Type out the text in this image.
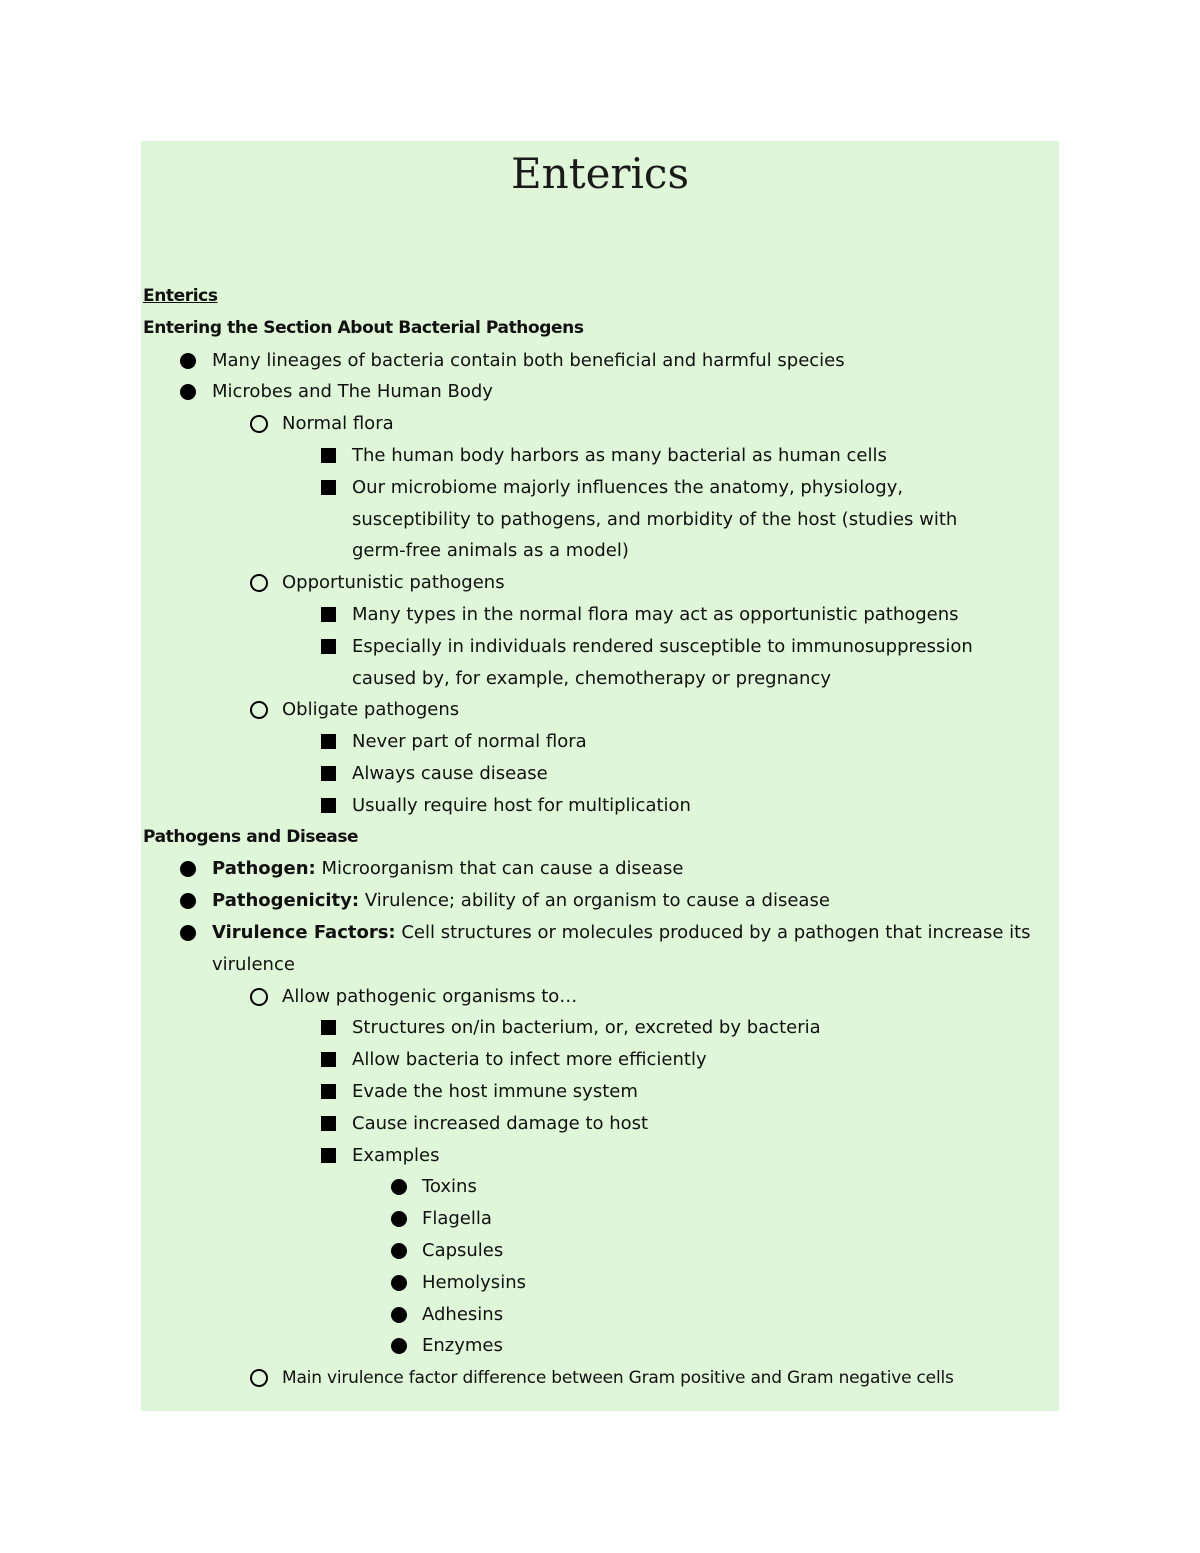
Enterics
Enterics
Entering the Section About Bacterial Pathogens
Many lineages of bacteria contain both beneficial and harmful species
Microbes and The Human Body
Normal flora
The human body harbors as many bacterial as human cells
Our microbiome majorly influences the anatomy, physiology,
susceptibility to pathogens, and morbidity of the host (studies with
germ-free animals as a model)
Opportunistic pathogens
Many types in the normal flora may act as opportunistic pathogens
Especially in individuals rendered susceptible to immunosuppression
caused by, for example, chemotherapy or pregnancy
Obligate pathogens
Never part of normal flora
Always cause disease
Usually require host for multiplication
Pathogens and Disease
Pathogen: Microorganism that can cause a disease
Pathogenicity: Virulence; ability of an organism to cause a disease
Virulence Factors: Cell structures or molecules produced by a pathogen that increase its
virulence
Allow pathogenic organisms to…
Structures on/in bacterium, or, excreted by bacteria
Allow bacteria to infect more efficiently
Evade the host immune system
Cause increased damage to host
Examples
Toxins
Flagella
Capsules
Hemolysins
Adhesins
Enzymes
Main virulence factor difference between Gram positive and Gram negative cells
